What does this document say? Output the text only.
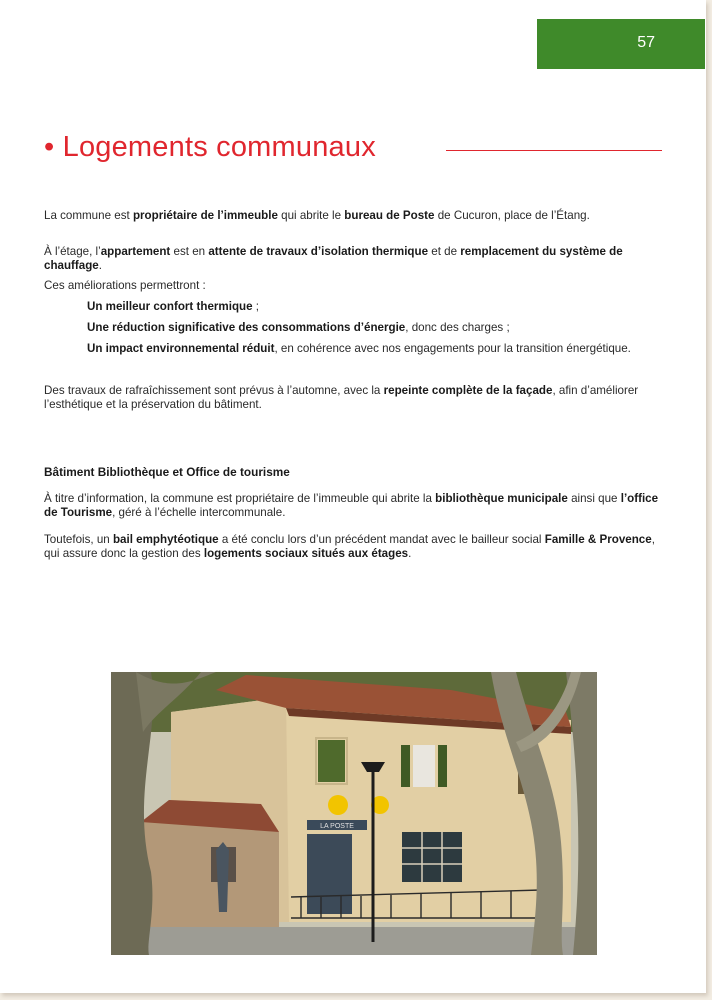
57
• Logements communaux

La commune est propriétaire de l’immeuble qui abrite le bureau de Poste de Cucuron, place de l’Étang.

À l’étage, l’appartement est en attente de travaux d’isolation thermique et de remplacement du système de chauffage.

Ces améliorations permettront :

Un meilleur confort thermique ;

Une réduction significative des consommations d’énergie, donc des charges ;

Un impact environnemental réduit, en cohérence avec nos engagements pour la transition énergétique.

Des travaux de rafraîchissement sont prévus à l’automne, avec la repeinte complète de la façade, afin d’améliorer l’esthétique et la préservation du bâtiment.

Bâtiment Bibliothèque et Office de tourisme

À titre d’information, la commune est propriétaire de l’immeuble qui abrite la bibliothèque municipale ainsi que l’office de Tourisme, géré à l’échelle intercommunale.

Toutefois, un bail emphytéotique a été conclu lors d’un précédent mandat avec le bailleur social Famille & Provence, qui assure donc la gestion des logements sociaux situés aux étages.

LA POSTE
